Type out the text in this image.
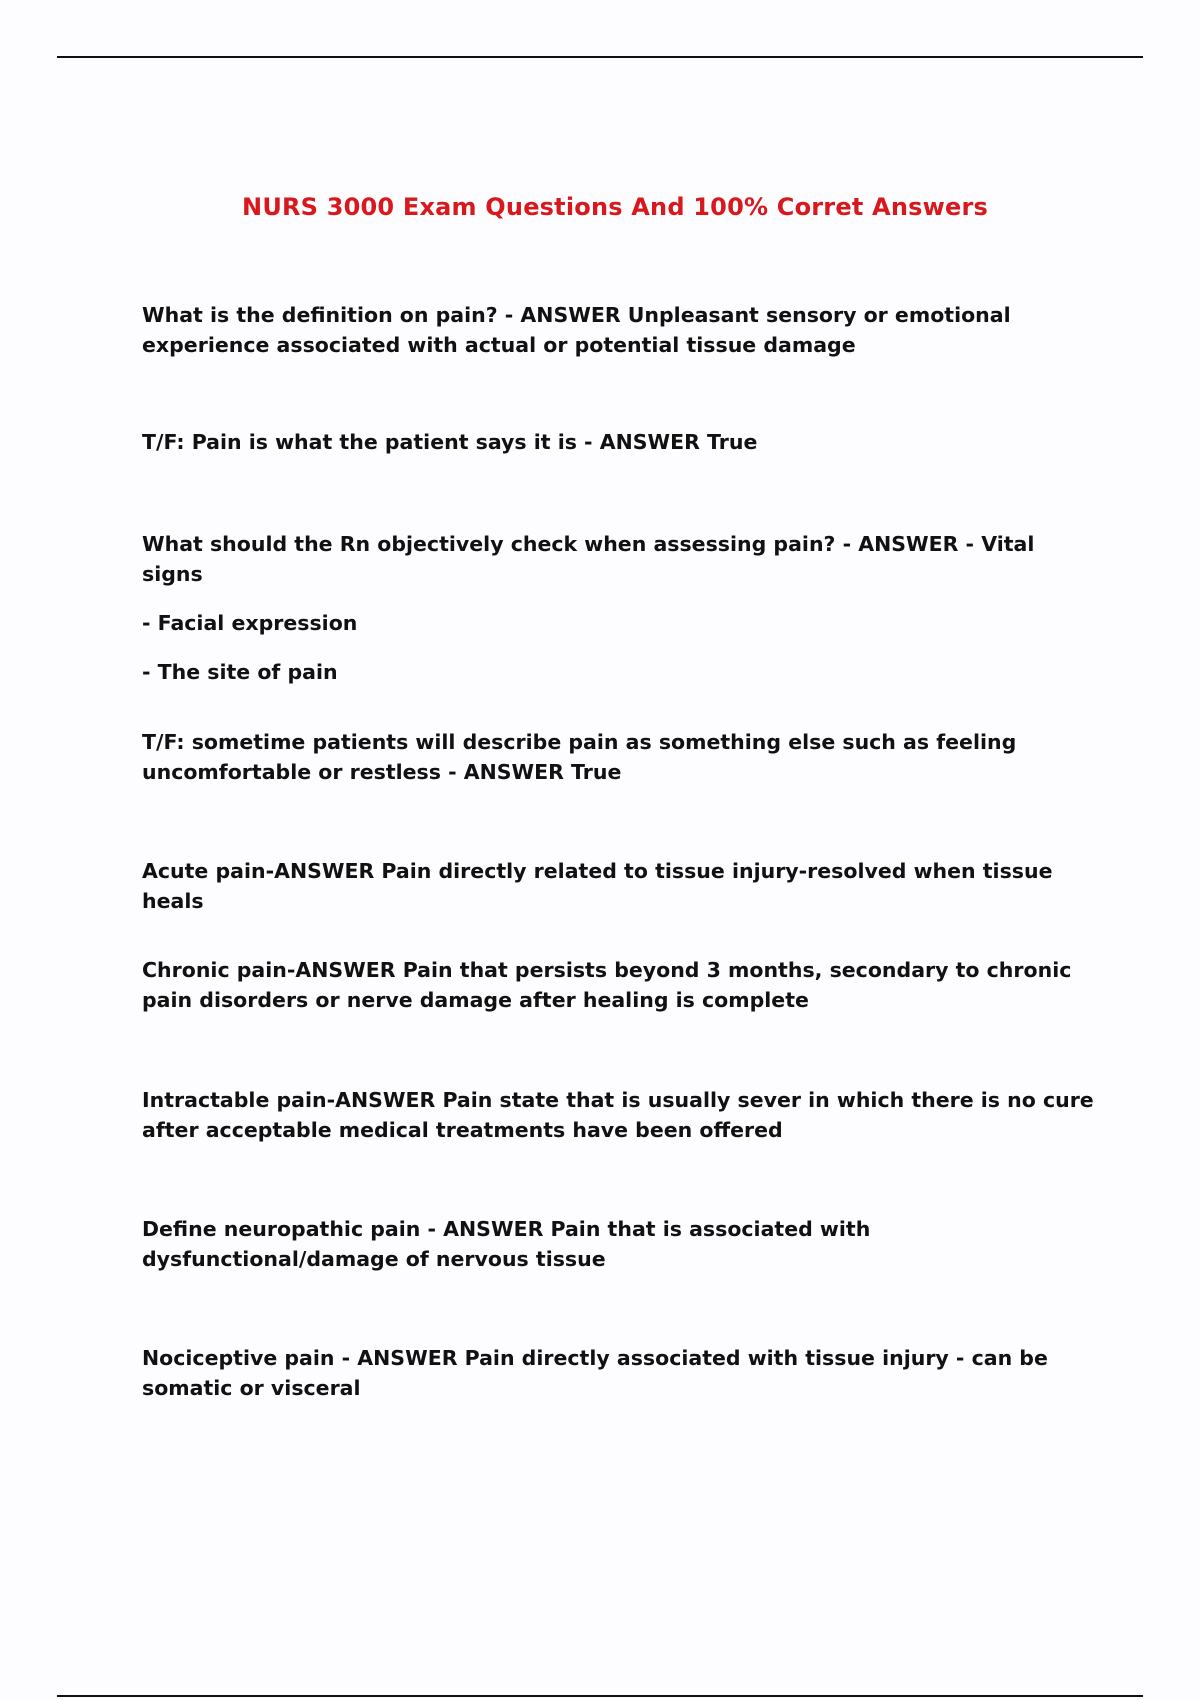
NURS 3000 Exam Questions And 100% Corret Answers

What is the definition on pain? - ANSWER Unpleasant sensory or emotional experience associated with actual or potential tissue damage

T/F: Pain is what the patient says it is - ANSWER True

What should the Rn objectively check when assessing pain? - ANSWER - Vital signs

- Facial expression

- The site of pain

T/F: sometime patients will describe pain as something else such as feeling uncomfortable or restless - ANSWER True

Acute pain-ANSWER Pain directly related to tissue injury-resolved when tissue heals

Chronic pain-ANSWER Pain that persists beyond 3 months, secondary to chronic pain disorders or nerve damage after healing is complete

Intractable pain-ANSWER Pain state that is usually sever in which there is no cure after acceptable medical treatments have been offered

Define neuropathic pain - ANSWER Pain that is associated with dysfunctional/damage of nervous tissue

Nociceptive pain - ANSWER Pain directly associated with tissue injury - can be somatic or visceral
